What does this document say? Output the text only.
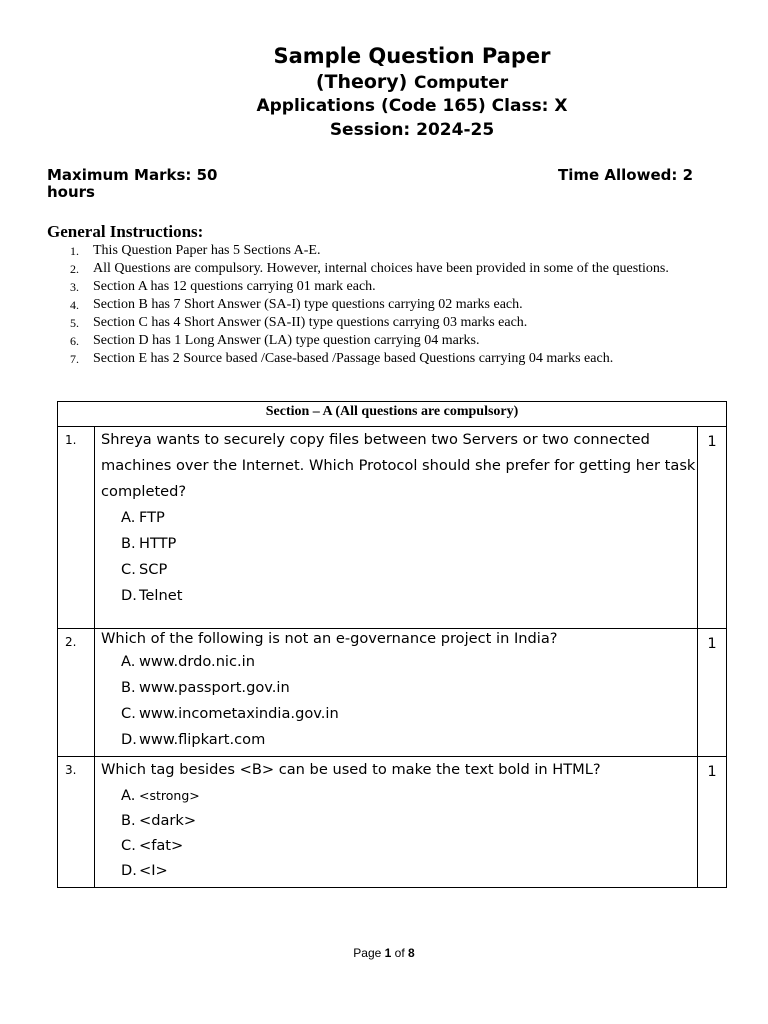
Sample Question Paper
(Theory) Computer
Applications (Code 165) Class: X
Session: 2024-25
Maximum Marks: 50	Time Allowed: 2
hours
General Instructions:
1. This Question Paper has 5 Sections A-E.
2. All Questions are compulsory. However, internal choices have been provided in some of the questions.
3. Section A has 12 questions carrying 01 mark each.
4. Section B has 7 Short Answer (SA-I) type questions carrying 02 marks each.
5. Section C has 4 Short Answer (SA-II) type questions carrying 03 marks each.
6. Section D has 1 Long Answer (LA) type question carrying 04 marks.
7. Section E has 2 Source based /Case-based /Passage based Questions carrying 04 marks each.
Section – A (All questions are compulsory)		
1.	Shreya wants to securely copy files between two Servers or two connected machines over the Internet. Which Protocol should she prefer for getting her task completed?
A. FTP
B. HTTP
C. SCP
D. Telnet	1
2.	Which of the following is not an e-governance project in India?
A. www.drdo.nic.in
B. www.passport.gov.in
C. www.incometaxindia.gov.in
D. www.flipkart.com	1
3.	Which tag besides <B> can be used to make the text bold in HTML?
A. <strong>
B. <dark>
C. <fat>
D. <I>	1
Page 1 of 8
